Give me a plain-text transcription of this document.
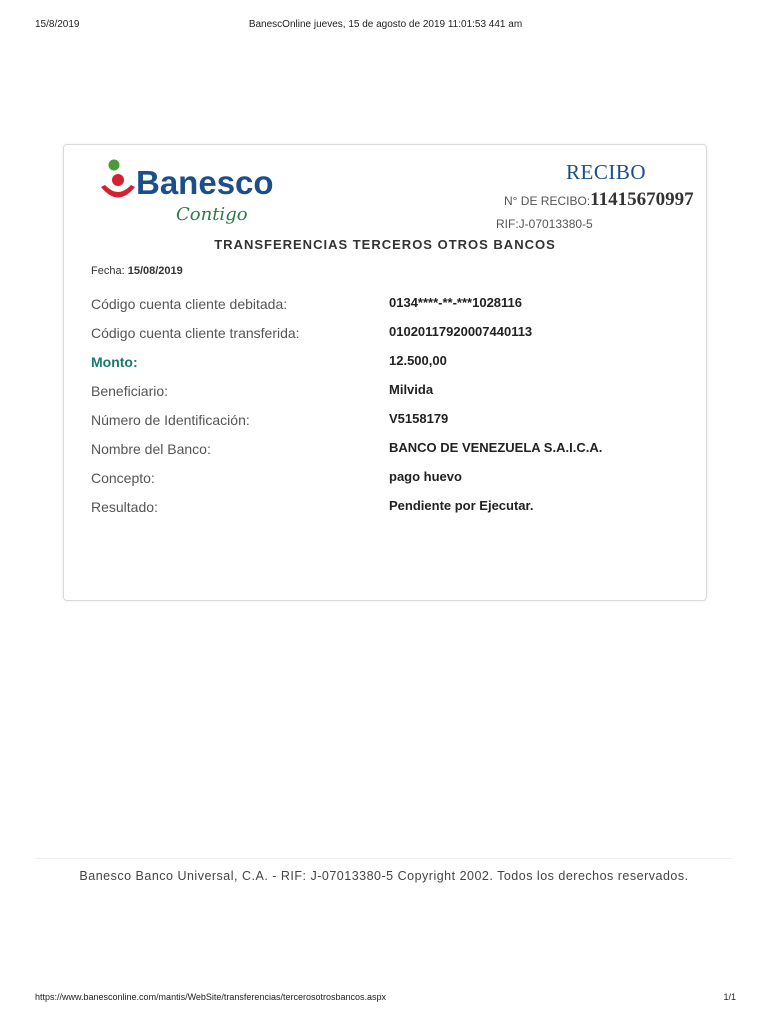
15/8/2019	BanescOnline jueves, 15 de agosto de 2019 11:01:53 441 am
Banesco
Contigo
RECIBO
N° DE RECIBO:11415670997
RIF:J-07013380-5
TRANSFERENCIAS TERCEROS OTROS BANCOS
Fecha: 15/08/2019
Código cuenta cliente debitada:	0134****-**-***1028116
Código cuenta cliente transferida:	01020117920007440113
Monto:	12.500,00
Beneficiario:	Milvida
Número de Identificación:	V5158179
Nombre del Banco:	BANCO DE VENEZUELA S.A.I.C.A.
Concepto:	pago huevo
Resultado:	Pendiente por Ejecutar.
Banesco Banco Universal, C.A. - RIF: J-07013380-5 Copyright 2002. Todos los derechos reservados.
https://www.banesconline.com/mantis/WebSite/transferencias/tercerosotrosbancos.aspx	1/1
